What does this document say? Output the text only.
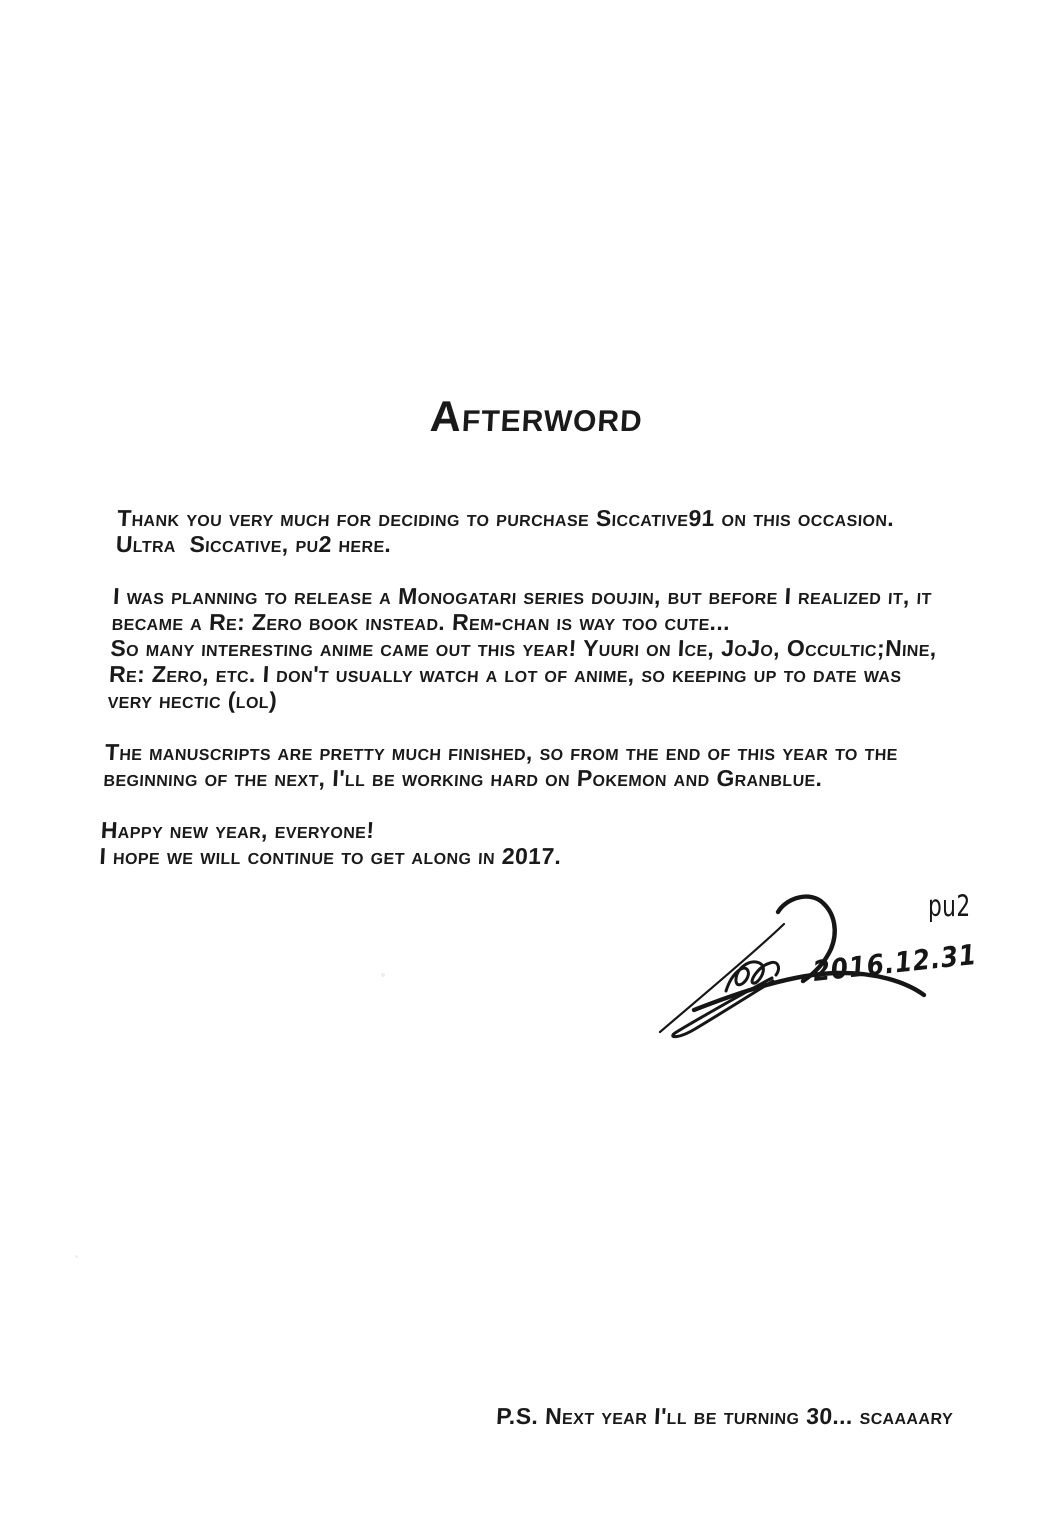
Afterword
Thank you very much for deciding to purchase Siccative91 on this occasion.
Ultra  Siccative, pu2 here.
I was planning to release a Monogatari series doujin, but before I realized it, it
became a Re: Zero book instead. Rem-chan is way too cute...
So many interesting anime came out this year! Yuuri on Ice, JoJo, Occultic;Nine,
Re: Zero, etc. I don't usually watch a lot of anime, so keeping up to date was
very hectic (lol)
The manuscripts are pretty much finished, so from the end of this year to the
beginning of the next, I'll be working hard on Pokemon and Granblue.
Happy new year, everyone!
I hope we will continue to get along in 2017.
pu2
2016.12.31
P.S. Next year I'll be turning 30... scaaaary
